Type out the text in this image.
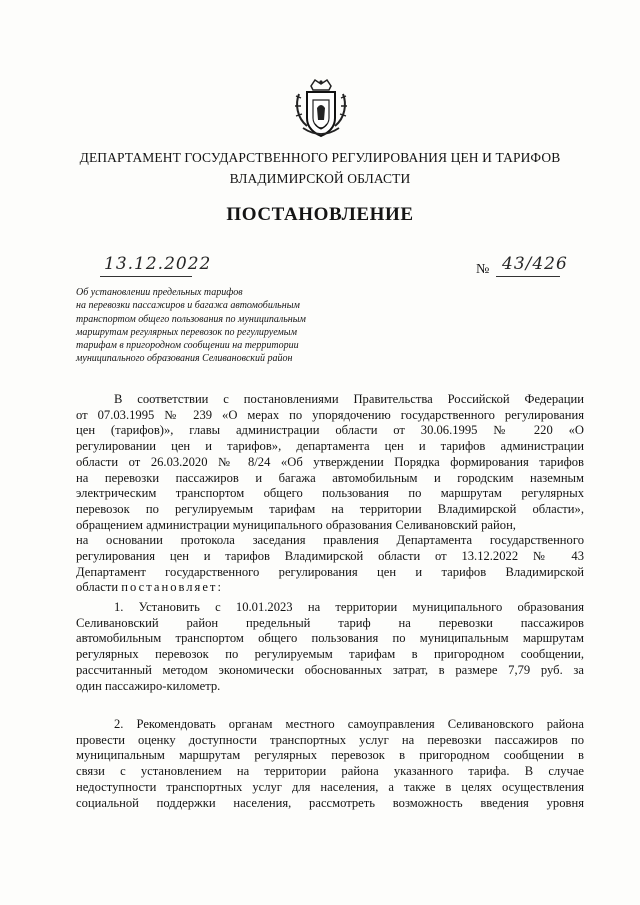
ДЕПАРТАМЕНТ ГОСУДАРСТВЕННОГО РЕГУЛИРОВАНИЯ ЦЕН И ТАРИФОВ
ВЛАДИМИРСКОЙ ОБЛАСТИ
ПОСТАНОВЛЕНИЕ
13.12.2022	№ 43/426
Об установлении предельных тарифов
на перевозки пассажиров и багажа автомобильным
транспортом общего пользования по муниципальным
маршрутам регулярных перевозок по регулируемым
тарифам в пригородном сообщении на территории
муниципального образования Селивановский район
В соответствии с постановлениями Правительства Российской Федерации
от 07.03.1995 № 239 «О мерах по упорядочению государственного регулирования
цен (тарифов)», главы администрации области от 30.06.1995 № 220 «О
регулировании цен и тарифов», департамента цен и тарифов администрации
области от 26.03.2020 № 8/24 «Об утверждении Порядка формирования тарифов
на перевозки пассажиров и багажа автомобильным и городским наземным
электрическим транспортом общего пользования по маршрутам регулярных
перевозок по регулируемым тарифам на территории Владимирской области»,
обращением администрации муниципального образования Селивановский район,
на основании протокола заседания правления Департамента государственного
регулирования цен и тарифов Владимирской области от 13.12.2022 № 43
Департамент государственного регулирования цен и тарифов Владимирской
области постановляет:
1. Установить с 10.01.2023 на территории муниципального образования
Селивановский район предельный тариф на перевозки пассажиров
автомобильным транспортом общего пользования по муниципальным маршрутам
регулярных перевозок по регулируемым тарифам в пригородном сообщении,
рассчитанный методом экономически обоснованных затрат, в размере 7,79 руб. за
один пассажиро-километр.
2. Рекомендовать органам местного самоуправления Селивановского района
провести оценку доступности транспортных услуг на перевозки пассажиров по
муниципальным маршрутам регулярных перевозок в пригородном сообщении в
связи с установлением на территории района указанного тарифа. В случае
недоступности транспортных услуг для населения, а также в целях осуществления
социальной поддержки населения, рассмотреть возможность введения уровня
